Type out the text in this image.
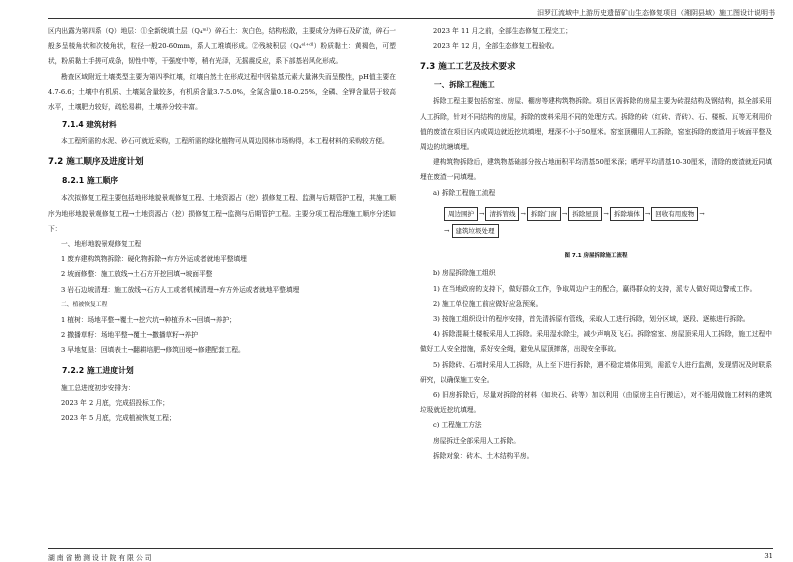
汨罗江流域中上游历史遗留矿山生态修复项目（湘阴县域）施工图设计说明书

区内出露为第四系（Q）地层：①全新统填土层（Q₄ᵐˡ）碎石土：灰白色，结构松散，主要成分为碎石及矿渣，碎石一般多呈棱角状和次棱角状，粒径一般20-60mm，系人工堆填形成。②残坡积层（Q₄ᵉˡ⁺ᵈˡ）粉质黏土：黄褐色，可塑状，粉质黏土手搓可成条，韧性中等，干强度中等，稍有光泽，无摇震反应，系下部基岩风化形成。

勘查区域附近土壤类型主要为第四季红壤，红壤自然土在形成过程中因盐基元素大量淋失而呈酸性，pH值主要在4.7-6.6；土壤中有机质、土壤氮含量较多，有机质含量3.7-5.0%，全氮含量0.18-0.25%，全磷、全钾含量居于较高水平，土壤肥力较好，疏松易耕，土壤养分较丰富。

7.1.4 建筑材料

本工程所需的水泥、砂石可就近采购，工程所需的绿化植物可从周边园林市场购得，本工程材料的采购较方便。

7.2 施工顺序及进度计划
8.2.1 施工顺序

本次拟修复工程主要包括地形地貌景观修复工程、土地资源占（挖）损修复工程、监测与后期管护工程，其施工顺序为地形地貌景观修复工程→土地资源占（挖）损修复工程→监测与后期管护工程。主要分项工程治理施工顺序分述如下：

一、地形地貌景观修复工程

1 废弃建构筑物拆除：硬化物拆除→弃方外运或者就地平整填埋

2 坡面修整：施工放线→土石方开挖回填→坡面平整

3 岩石边坡清理：施工放线→石方人工或者机械清理→弃方外运或者就地平整填埋

二、植被恢复工程

1 植树：场地平整→覆土→挖穴坑→种植乔木→回填→养护；

2 撒播草籽：场地平整→覆土→撒播草籽→养护

3 早地复垦：回填表土→翻耕培肥→修筑田埂→修建配套工程。

7.2.2 施工进度计划

施工总进度初步安排为：

2023 年 2 月底，完成招投标工作；

2023 年 5 月底，完成植被恢复工程；

2023 年 11 月之前，全部生态修复工程完工；

2023 年 12 月，全部生态修复工程验收。

7.3 施工工艺及技术要求
一、拆除工程施工

拆除工程主要包括窑室、房屋、棚房等建构筑物拆除。项目区需拆除的房屋主要为砖混结构及钢结构，拟全部采用人工拆除，针对不同结构的房屋，拆除的废料采用不同的处理方式。拆除的砖（红砖、青砖）、石、楼板、瓦等无利用价值的废渣在项目区内或周边就近挖坑填埋，埋深不小于50厘米。窑室顶棚用人工拆除，窑室拆除的废渣用于坡面平整及周边的坑塘填埋。

建构筑物拆除后，建筑物基础部分按占地面积平均清基50厘米深；晒坪平均清基10-30厘米，清除的废渣就近同填埋在废渣一同填埋。

a) 拆除工程施工流程

周边围护 → 清拆管线 → 拆除门窗 → 拆除屋顶 → 拆除墙体 → 回收有用废物 →
→ 建筑垃圾处理
图 7.1 房屋拆除施工流程

b) 房屋拆除施工组织

1) 在当地政府的支持下，做好群众工作，争取周边户主的配合，赢得群众的支持，派专人做好周边警戒工作。

2) 施工单位施工前应做好应急预案。

3) 按施工组织设计的程序安排，首先清拆原有管线，采取人工进行拆除，划分区域，逐段、逐栋进行拆除。

4) 拆除混凝土楼板采用人工拆除。采用湿水除尘，减少声响及飞石。拆除窑室、房屋顶采用人工拆除，施工过程中做好工人安全措施，系好安全绳，避免从屋顶摔落，出现安全事故。

5) 拆除砖、石墙时采用人工拆除，从上至下进行拆除，遇不稳定墙体用到，需派专人进行监测，发现情况及时联系研究，以确保施工安全。

6) 旧房拆除后，尽量对拆除的材料（如块石、砖等）加以利用（由原房主自行搬运），对不能用做施工材料的建筑垃圾就近挖坑填埋。

c) 工程施工方法

房屋拆迁全部采用人工拆除。

拆除对象：砖木、土木结构平房。

湖南省勘测设计院有限公司	31
